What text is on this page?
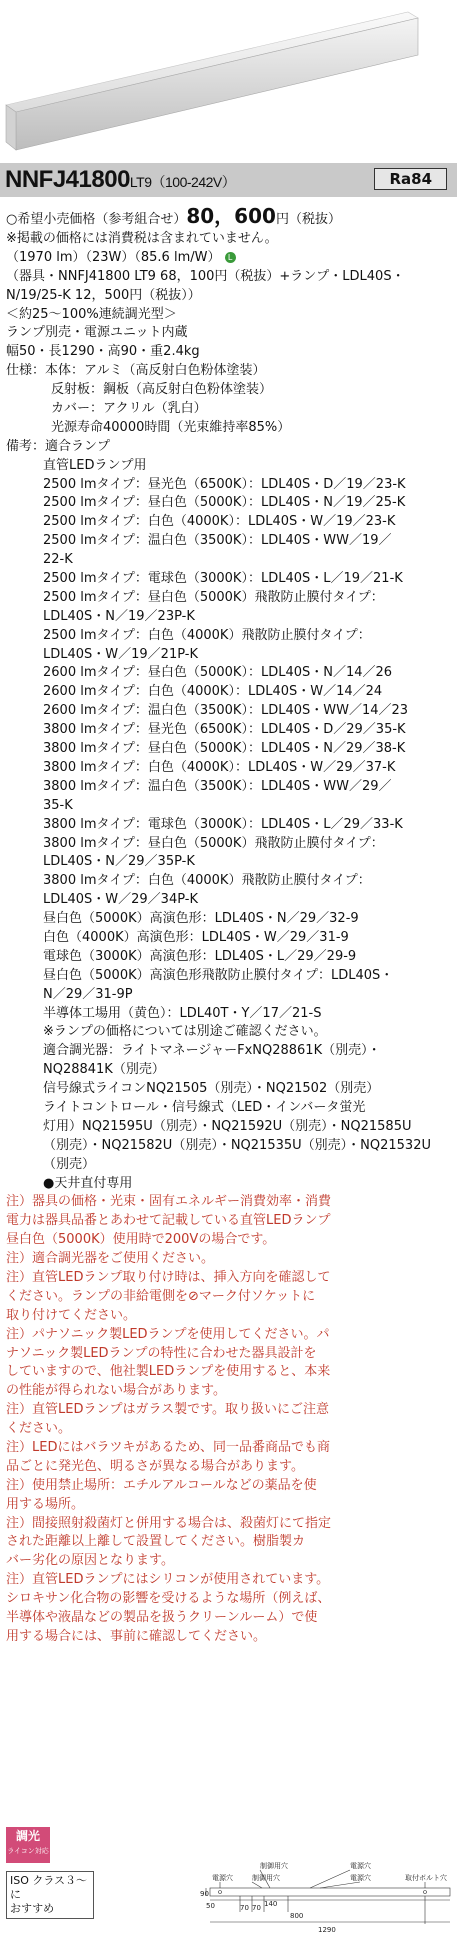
NNFJ41800LT9（100-242V）	Ra84
○希望小売価格（参考組合せ）80，600円（税抜）
※掲載の価格には消費税は含まれていません。
（1970 lm）（23W）（85.6 lm/W） L
（器具・NNFJ41800 LT9 68，100円（税抜）+ランプ・LDL40S・
N/19/25-K 12，500円（税抜））
＜約25～100%連続調光型＞
ランプ別売・電源ユニット内蔵
幅50・長1290・高90・重2.4kg
仕様：本体：アルミ（高反射白色粉体塗装）
反射板：鋼板（高反射白色粉体塗装）
カバー：アクリル（乳白）
光源寿命40000時間（光束維持率85%）
備考：適合ランプ
直管LEDランプ用
2500 lmタイプ：昼光色（6500K）：LDL40S・D／19／23-K
2500 lmタイプ：昼白色（5000K）：LDL40S・N／19／25-K
2500 lmタイプ：白色（4000K）：LDL40S・W／19／23-K
2500 lmタイプ：温白色（3500K）：LDL40S・WW／19／
22-K
2500 lmタイプ：電球色（3000K）：LDL40S・L／19／21-K
2500 lmタイプ：昼白色（5000K）飛散防止膜付タイプ：
LDL40S・N／19／23P-K
2500 lmタイプ：白色（4000K）飛散防止膜付タイプ：
LDL40S・W／19／21P-K
2600 lmタイプ：昼白色（5000K）：LDL40S・N／14／26
2600 lmタイプ：白色（4000K）：LDL40S・W／14／24
2600 lmタイプ：温白色（3500K）：LDL40S・WW／14／23
3800 lmタイプ：昼光色（6500K）：LDL40S・D／29／35-K
3800 lmタイプ：昼白色（5000K）：LDL40S・N／29／38-K
3800 lmタイプ：白色（4000K）：LDL40S・W／29／37-K
3800 lmタイプ：温白色（3500K）：LDL40S・WW／29／
35-K
3800 lmタイプ：電球色（3000K）：LDL40S・L／29／33-K
3800 lmタイプ：昼白色（5000K）飛散防止膜付タイプ：
LDL40S・N／29／35P-K
3800 lmタイプ：白色（4000K）飛散防止膜付タイプ：
LDL40S・W／29／34P-K
昼白色（5000K）高演色形：LDL40S・N／29／32-9
白色（4000K）高演色形：LDL40S・W／29／31-9
電球色（3000K）高演色形：LDL40S・L／29／29-9
昼白色（5000K）高演色形飛散防止膜付タイプ：LDL40S・
N／29／31-9P
半導体工場用（黄色）：LDL40T・Y／17／21-S
※ランプの価格については別途ご確認ください。
適合調光器：ライトマネージャーFxNQ28861K（別売）・
NQ28841K（別売）
信号線式ライコンNQ21505（別売）・NQ21502（別売）
ライトコントロール・信号線式（LED・インバータ蛍光
灯用）NQ21595U（別売）・NQ21592U（別売）・NQ21585U
（別売）・NQ21582U（別売）・NQ21535U（別売）・NQ21532U
（別売）
●天井直付専用
注）器具の価格・光束・固有エネルギー消費効率・消費
電力は器具品番とあわせて記載している直管LEDランプ
昼白色（5000K）使用時で200Vの場合です。
注）適合調光器をご使用ください。
注）直管LEDランプ取り付け時は、挿入方向を確認して
ください。ランプの非給電側を⊘マーク付ソケットに
取り付けてください。
注）パナソニック製LEDランプを使用してください。パ
ナソニック製LEDランプの特性に合わせた器具設計を
していますので、他社製LEDランプを使用すると、本来
の性能が得られない場合があります。
注）直管LEDランプはガラス製です。取り扱いにご注意
ください。
注）LEDにはバラツキがあるため、同一品番商品でも商
品ごとに発光色、明るさが異なる場合があります。
注）使用禁止場所：エチルアルコールなどの薬品を使
用する場所。
注）間接照射殺菌灯と併用する場合は、殺菌灯にて指定
された距離以上離して設置してください。樹脂製カ
バー劣化の原因となります。
注）直管LEDランプにはシリコンが使用されています。
シロキサン化合物の影響を受けるような場所（例えば、
半導体や液晶などの製品を扱うクリーンルーム）で使
用する場合には、事前に確認してください。
調光
ライコン対応
ISO クラス３～に
おすすめ
制御用穴	電源穴
電源穴	制御用穴	電源穴	取付ボルト穴
90
50	70 70 140
800
1290
